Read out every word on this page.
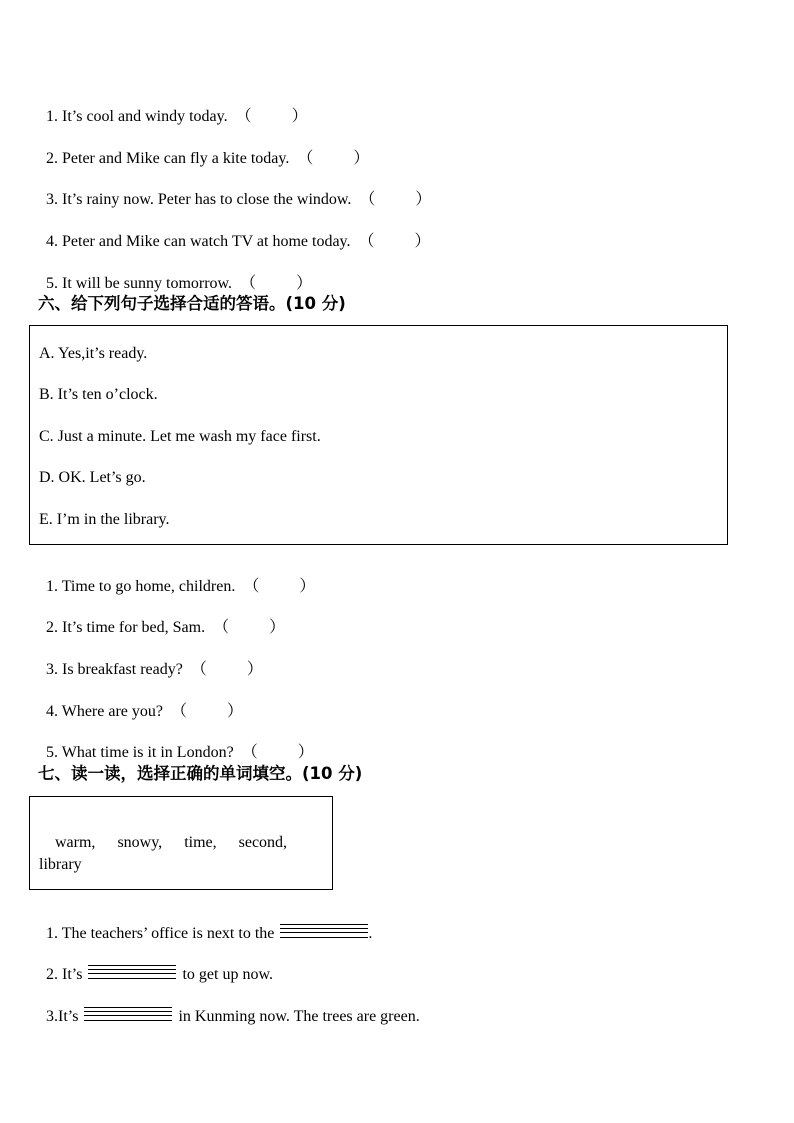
1. It’s cool and windy today. （          ）

2. Peter and Mike can fly a kite today. （          ）

3. It’s rainy now. Peter has to close the window. （          ）

4. Peter and Mike can watch TV at home today. （          ）

5. It will be sunny tomorrow. （          ）

六、给下列句子选择合适的答语。(10 分)
A. Yes,it’s ready.
B. It’s ten o’clock.
C. Just a minute. Let me wash my face first.
D. OK. Let’s go.
E. I’m in the library.

1. Time to go home, children. （          ）

2. It’s time for bed, Sam. （          ）

3. Is breakfast ready? （          ）

4. Where are you? （          ）

5. What time is it in London? （          ）

七、读一读，选择正确的单词填空。(10 分)

warm, snowy, time, second,

library

1. The teachers’ office is next to the	.

2. It’s	to get up now.

3.It’s	in Kunming now. The trees are green.
